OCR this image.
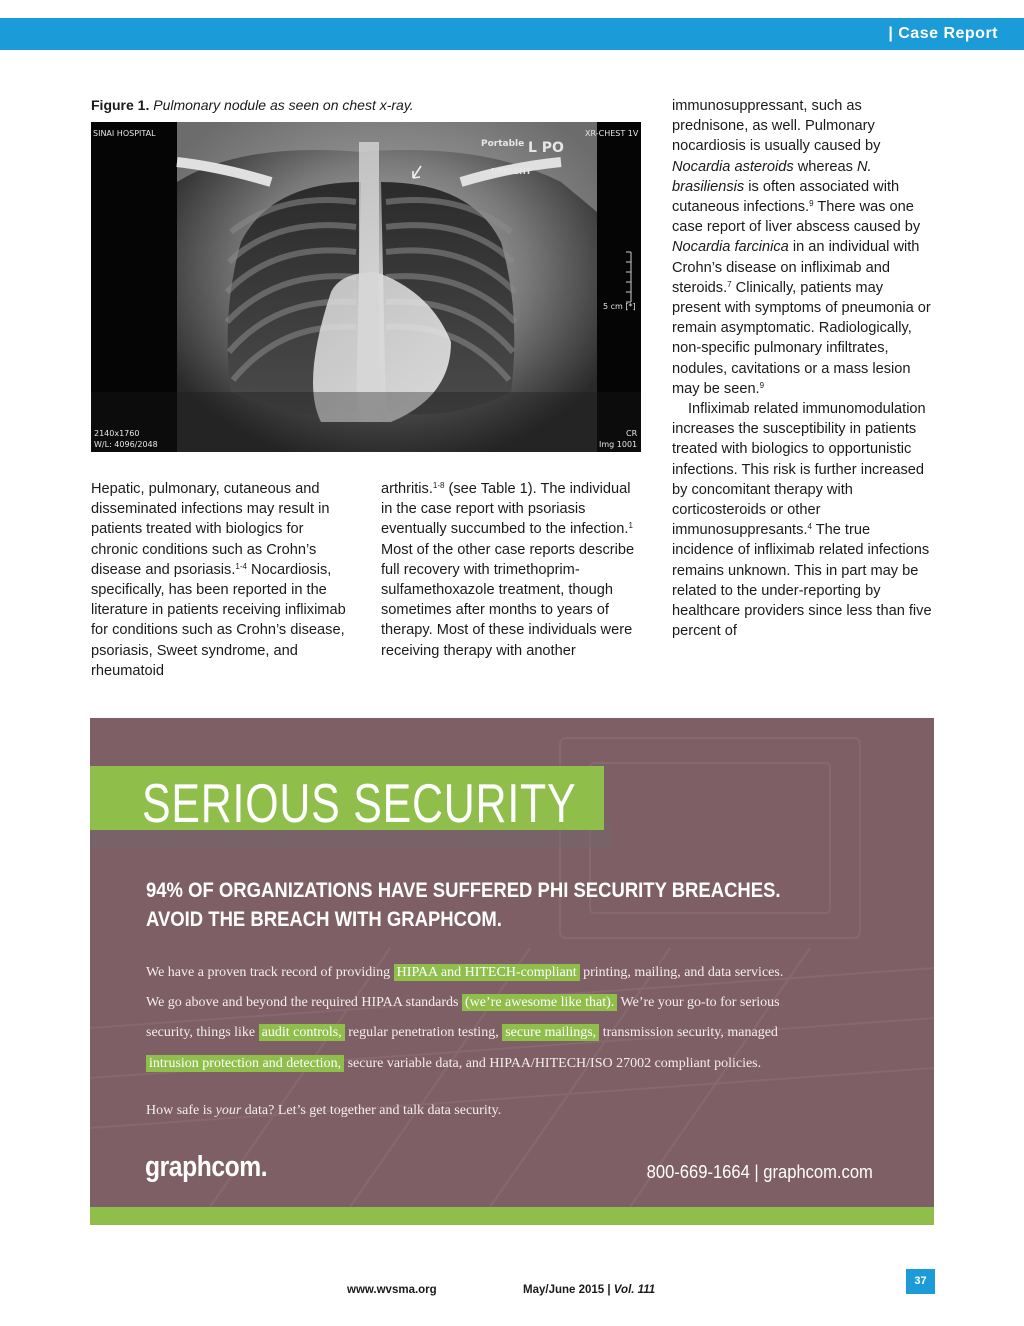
| Case Report
Figure 1. Pulmonary nodule as seen on chest x-ray.
SINAI HOSPITAL	XR-CHEST 1V
Portable L PO
UPRIGHT
5 cm [*]
2140x1760
W/L: 4096/2048
CR
Img 1001

Hepatic, pulmonary, cutaneous and disseminated infections may result in patients treated with biologics for chronic conditions such as Crohn’s disease and psoriasis.$^{1-4}$ Nocardiosis, specifically, has been reported in the literature in patients receiving infliximab for conditions such as Crohn’s disease, psoriasis, Sweet syndrome, and rheumatoid

arthritis.$^{1-8}$ (see Table 1). The individual in the case report with psoriasis eventually succumbed to the infection.$^1$ Most of the other case reports describe full recovery with trimethoprim-sulfamethoxazole treatment, though sometimes after months to years of therapy. Most of these individuals were receiving therapy with another

immunosuppressant, such as prednisone, as well. Pulmonary nocardiosis is usually caused by Nocardia asteroids whereas N. brasiliensis is often associated with cutaneous infections.$^9$ There was one case report of liver abscess caused by Nocardia farcinica in an individual with Crohn’s disease on infliximab and steroids.$^7$ Clinically, patients may present with symptoms of pneumonia or remain asymptomatic. Radiologically, non-specific pulmonary infiltrates, nodules, cavitations or a mass lesion may be seen.$^9$

Infliximab related immunomodulation increases the susceptibility in patients treated with biologics to opportunistic infections. This risk is further increased by concomitant therapy with corticosteroids or other immunosuppresants.$^4$ The true incidence of infliximab related infections remains unknown. This in part may be related to the under-reporting by healthcare providers since less than five percent of

SERIOUS SECURITY
94% OF ORGANIZATIONS HAVE SUFFERED PHI SECURITY BREACHES.
AVOID THE BREACH WITH GRAPHCOM.

We have a proven track record of providing HIPAA and HITECH-compliant printing, mailing, and data services.

We go above and beyond the required HIPAA standards (we’re awesome like that). We’re your go-to for serious

security, things like audit controls, regular penetration testing, secure mailings, transmission security, managed

intrusion protection and detection, secure variable data, and HIPAA/HITECH/ISO 27002 compliant policies.

How safe is your data? Let’s get together and talk data security.
graphcom.	800-669-1664 | graphcom.com
www.wvsma.org	May/June 2015 | Vol. 111
37
